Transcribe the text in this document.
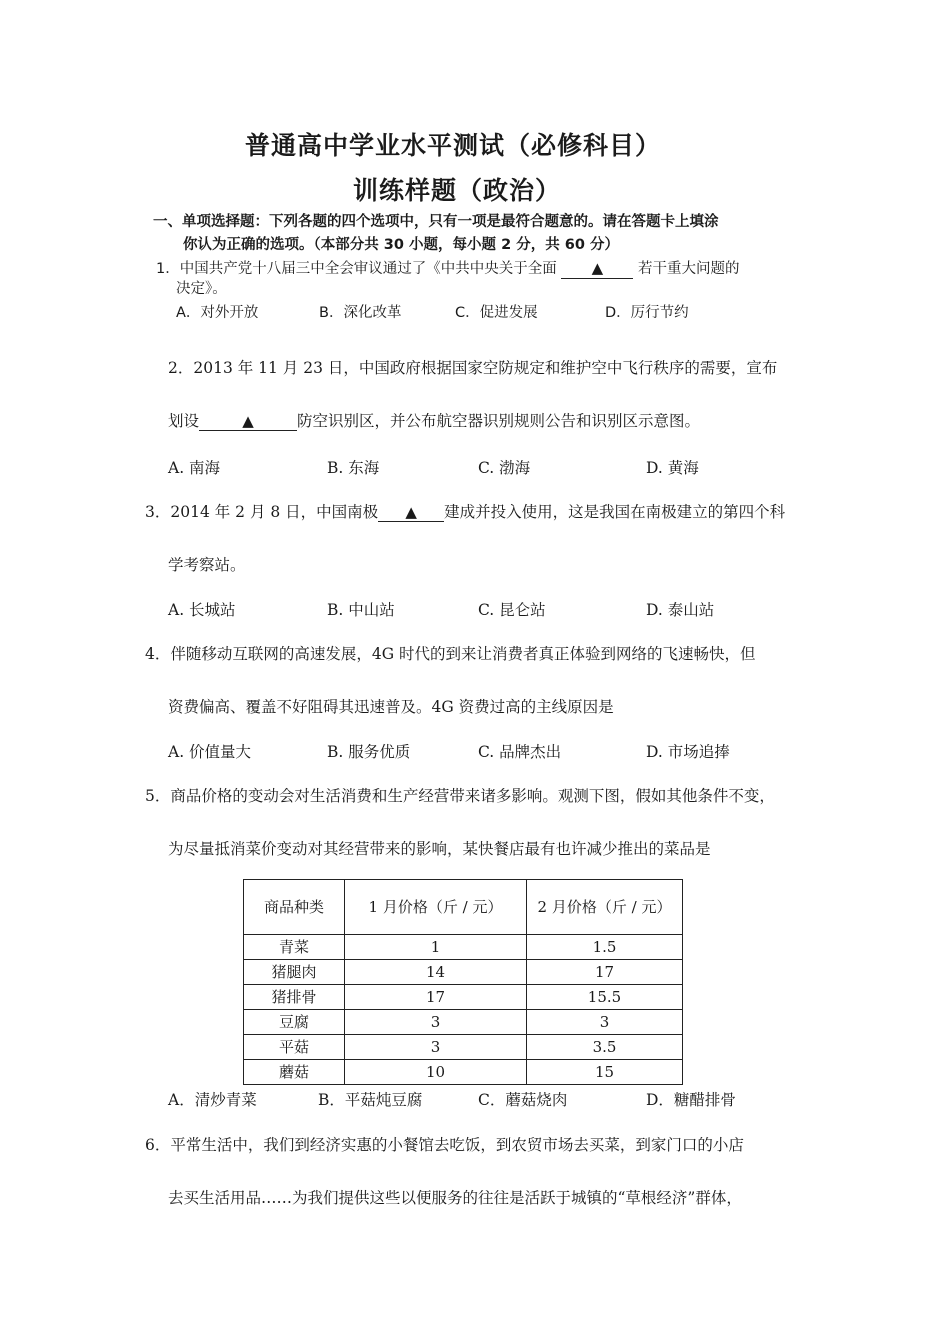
普通高中学业水平测试（必修科目）
训练样题（政治）
一、单项选择题：下列各题的四个选项中，只有一项是最符合题意的。请在答题卡上填涂
你认为正确的选项。（本部分共 30 小题，每小题 2 分，共 60 分）
1．中国共产党十八届三中全会审议通过了《中共中央关于全面 ▲ 若干重大问题的
决定》。
A．对外开放	B．深化改革	C．促进发展	D．厉行节约
2．2013 年 11 月 23 日，中国政府根据国家空防规定和维护空中飞行秩序的需要，宣布
划设	▲	防空识别区，并公布航空器识别规则公告和识别区示意图。
A. 南海	B. 东海	C. 渤海	D. 黄海
3．2014 年 2 月 8 日，中国南极 ▲ 建成并投入使用，这是我国在南极建立的第四个科
学考察站。
A. 长城站	B. 中山站	C. 昆仑站	D. 泰山站
4．伴随移动互联网的高速发展，4G 时代的到来让消费者真正体验到网络的飞速畅快，但
资费偏高、覆盖不好阻碍其迅速普及。4G 资费过高的主线原因是
A. 价值量大	B. 服务优质	C. 品牌杰出	D. 市场追捧
5．商品价格的变动会对生活消费和生产经营带来诸多影响。观测下图，假如其他条件不变，
为尽量抵消菜价变动对其经营带来的影响，某快餐店最有也许减少推出的菜品是
商品种类	1 月价格（斤 / 元）	2 月价格（斤 / 元）
青菜	1	1.5
猪腿肉	14	17
猪排骨	17	15.5
豆腐	3	3
平菇	3	3.5
蘑菇	10	15
A．清炒青菜	B．平菇炖豆腐	C．蘑菇烧肉	D．糖醋排骨
6．平常生活中，我们到经济实惠的小餐馆去吃饭，到农贸市场去买菜，到家门口的小店
去买生活用品……为我们提供这些以便服务的往往是活跃于城镇的“草根经济”群体，
